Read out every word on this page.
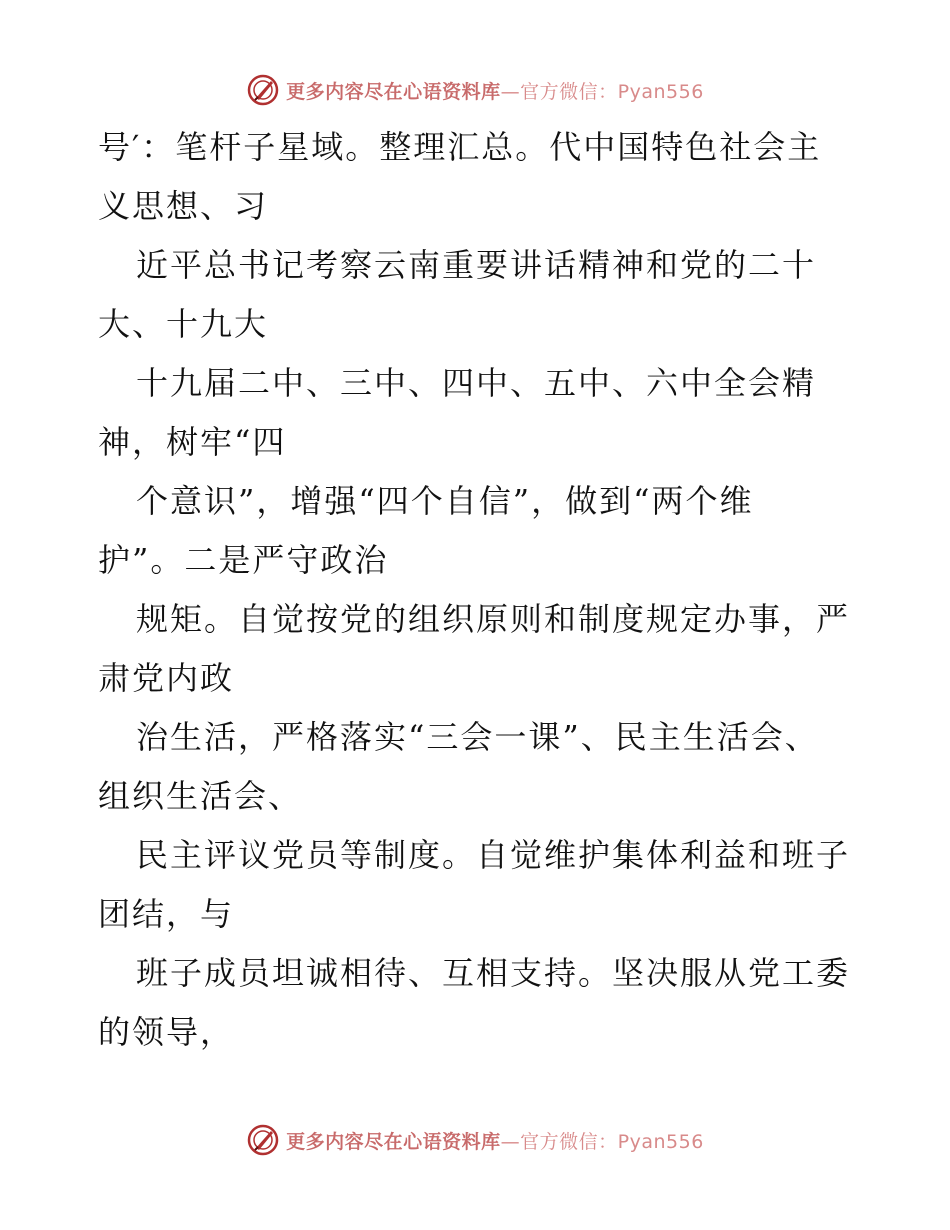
更多内容尽在心语资料库 —官方微信：Pyan556
号′：笔杆子星域。整理汇总。代中国特色社会主
义思想、习
近平总书记考察云南重要讲话精神和党的二十
大、十九大
十九届二中、三中、四中、五中、六中全会精
神，树牢“四
个意识”，增强“四个自信”，做到“两个维
护”。二是严守政治
规矩。自觉按党的组织原则和制度规定办事，严
肃党内政
治生活，严格落实“三会一课”、民主生活会、
组织生活会、
民主评议党员等制度。自觉维护集体利益和班子
团结，与
班子成员坦诚相待、互相支持。坚决服从党工委
的领导，
更多内容尽在心语资料库 —官方微信：Pyan556
